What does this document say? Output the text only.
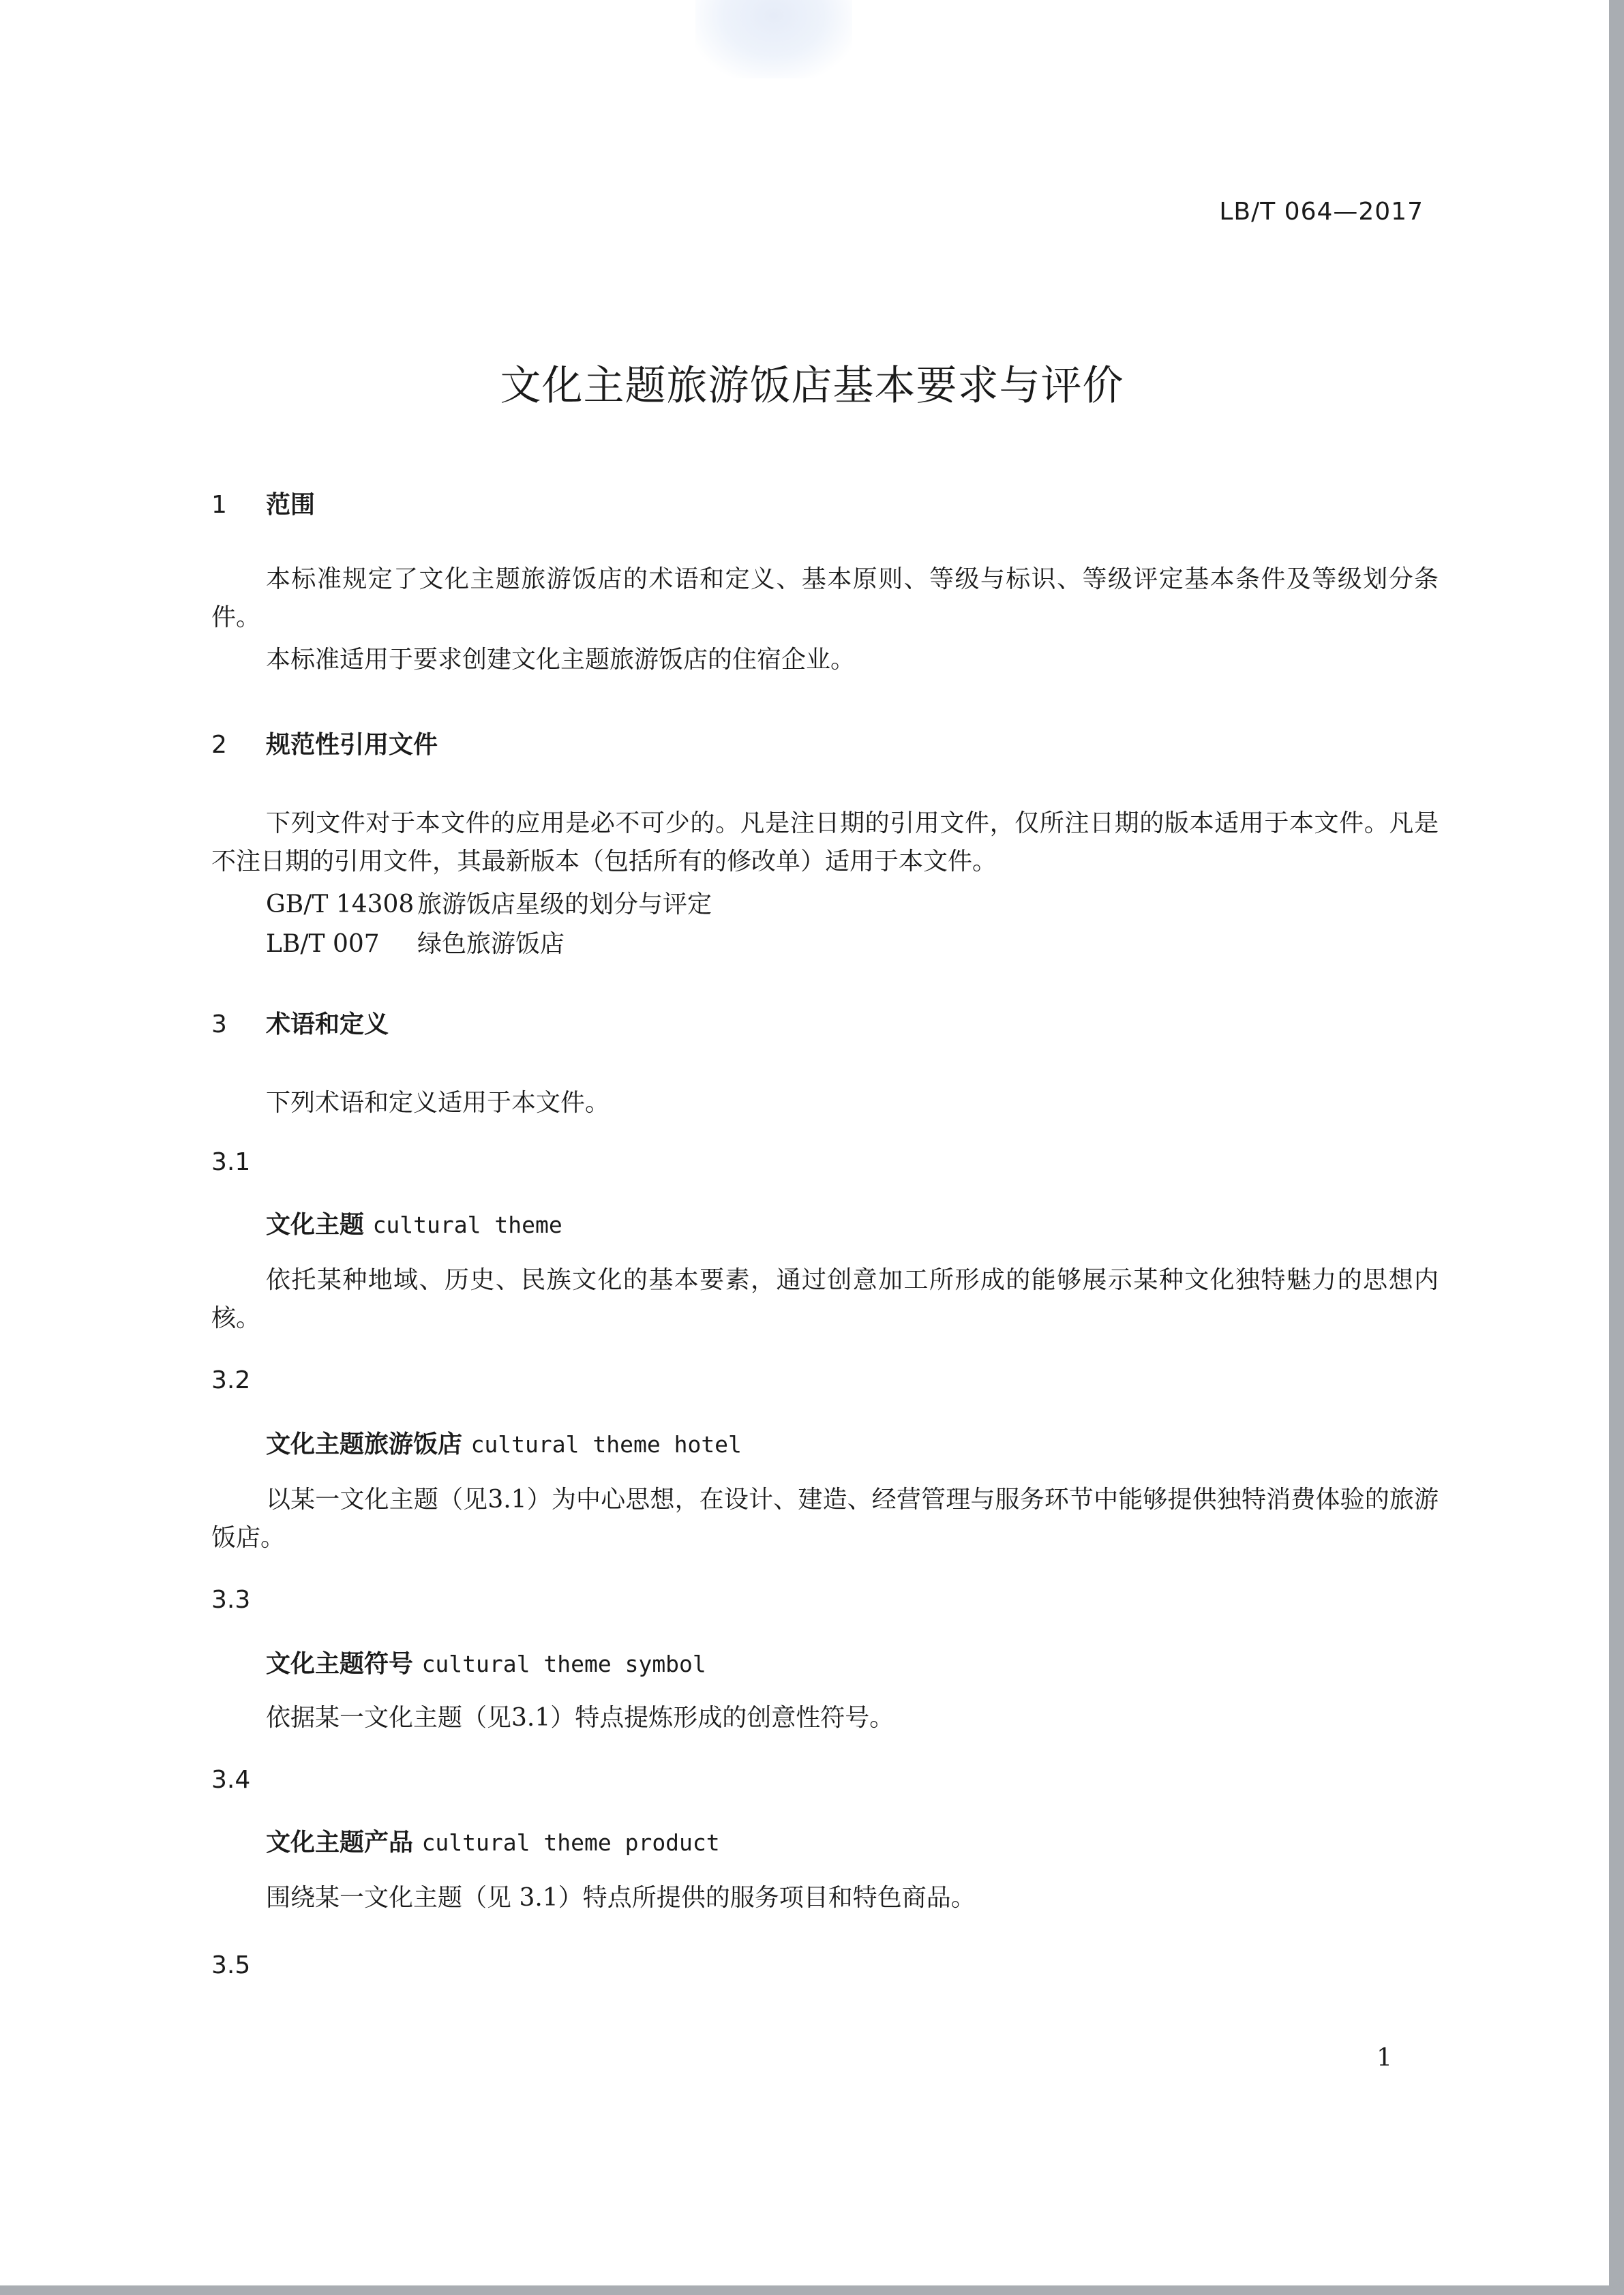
LB/T 064—2017
文化主题旅游饭店基本要求与评价
1 范围
本标准规定了文化主题旅游饭店的术语和定义、基本原则、等级与标识、等级评定基本条件及等级划分条件。
本标准适用于要求创建文化主题旅游饭店的住宿企业。
2 规范性引用文件
下列文件对于本文件的应用是必不可少的。凡是注日期的引用文件，仅所注日期的版本适用于本文件。凡是不注日期的引用文件，其最新版本（包括所有的修改单）适用于本文件。
GB/T 14308 旅游饭店星级的划分与评定
LB/T 007 绿色旅游饭店
3 术语和定义
下列术语和定义适用于本文件。
3.1
文化主题 cultural theme
依托某种地域、历史、民族文化的基本要素，通过创意加工所形成的能够展示某种文化独特魅力的思想内核。
3.2
文化主题旅游饭店 cultural theme hotel
以某一文化主题（见3.1）为中心思想，在设计、建造、经营管理与服务环节中能够提供独特消费体验的旅游饭店。
3.3
文化主题符号 cultural theme symbol
依据某一文化主题（见3.1）特点提炼形成的创意性符号。
3.4
文化主题产品 cultural theme product
围绕某一文化主题（见 3.1）特点所提供的服务项目和特色商品。
3.5
1
